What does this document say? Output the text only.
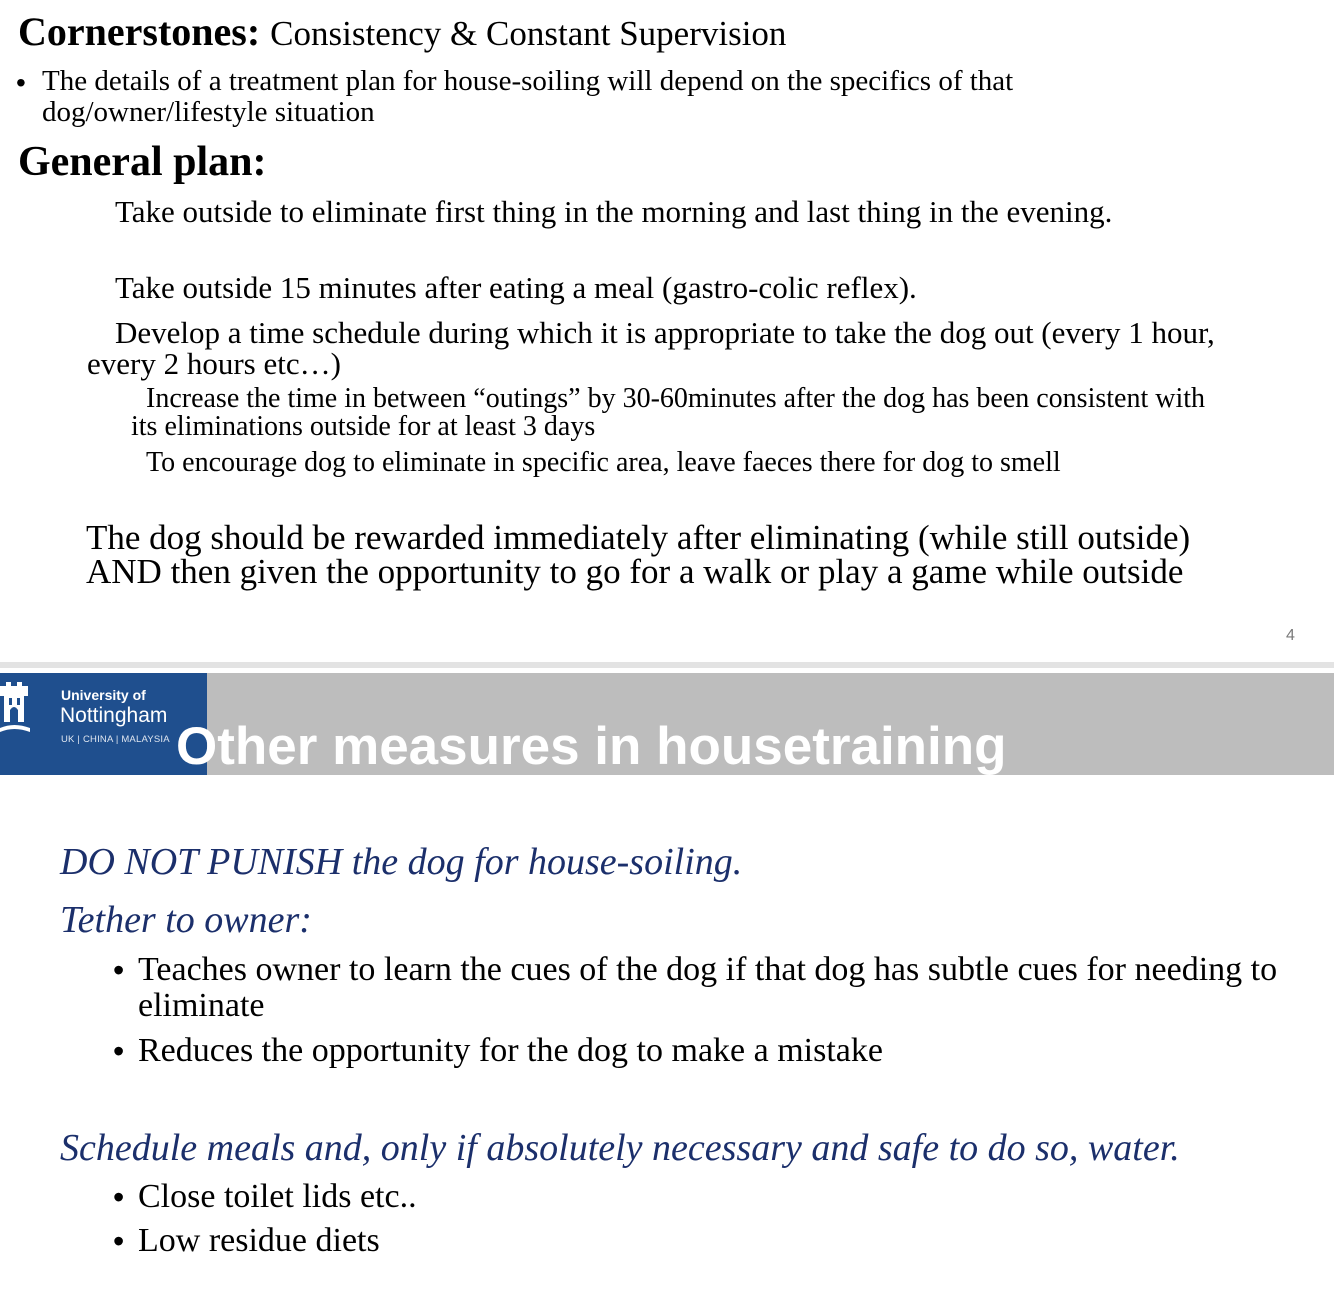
Cornerstones: Consistency & Constant Supervision
• The details of a treatment plan for house-soiling will depend on the specifics of that dog/owner/lifestyle situation
General plan:
Take outside to eliminate first thing in the morning and last thing in the evening.
Take outside 15 minutes after eating a meal (gastro-colic reflex).
Develop a time schedule during which it is appropriate to take the dog out (every 1 hour, every 2 hours etc…)
Increase the time in between “outings” by 30-60minutes after the dog has been consistent with its eliminations outside for at least 3 days
To encourage dog to eliminate in specific area, leave faeces there for dog to smell
The dog should be rewarded immediately after eliminating (while still outside) AND then given the opportunity to go for a walk or play a game while outside
4
University of
Nottingham
UK | CHINA | MALAYSIA Other measures in housetraining
DO NOT PUNISH the dog for house-soiling.
Tether to owner:
• Teaches owner to learn the cues of the dog if that dog has subtle cues for needing to eliminate
• Reduces the opportunity for the dog to make a mistake
Schedule meals and, only if absolutely necessary and safe to do so, water.
• Close toilet lids etc..
• Low residue diets
